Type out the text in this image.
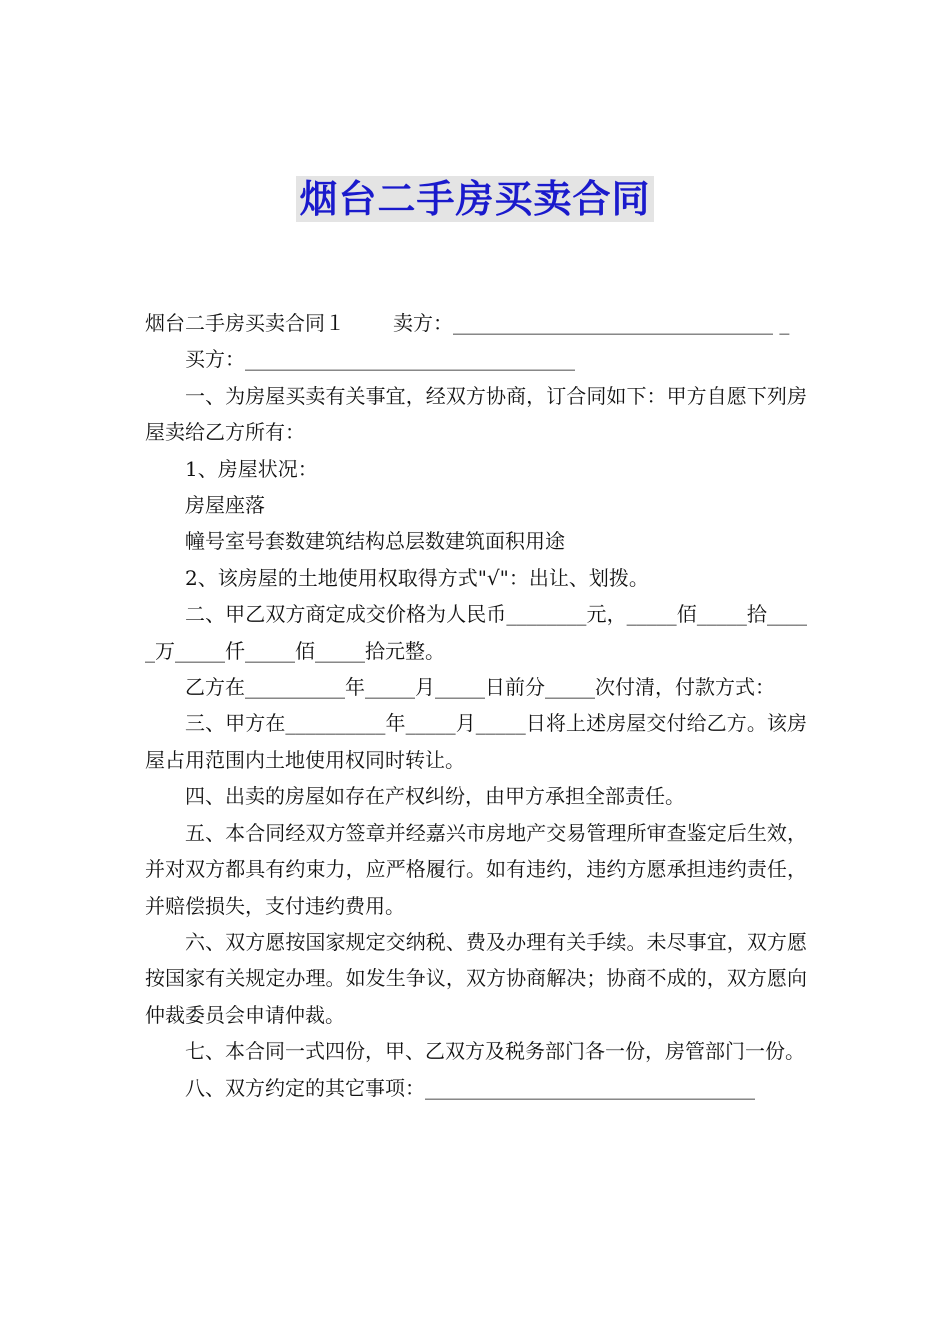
烟台二手房买卖合同

烟台二手房买卖合同１ 卖方：________________________________ _

买方：_________________________________

一、为房屋买卖有关事宜，经双方协商，订合同如下：甲方自愿下列房屋卖给乙方所有：

1、房屋状况：

房屋座落

幢号室号套数建筑结构总层数建筑面积用途

2、该房屋的土地使用权取得方式"√"：出让、划拨。

二、甲乙双方商定成交价格为人民币________元，_____佰_____拾_____万_____仟_____佰_____拾元整。

乙方在__________年_____月_____日前分_____次付清，付款方式：

三、甲方在__________年_____月_____日将上述房屋交付给乙方。该房屋占用范围内土地使用权同时转让。

四、出卖的房屋如存在产权纠纷，由甲方承担全部责任。

五、本合同经双方签章并经嘉兴市房地产交易管理所审查鉴定后生效，并对双方都具有约束力，应严格履行。如有违约，违约方愿承担违约责任，并赔偿损失，支付违约费用。

六、双方愿按国家规定交纳税、费及办理有关手续。未尽事宜，双方愿按国家有关规定办理。如发生争议，双方协商解决；协商不成的，双方愿向仲裁委员会申请仲裁。

七、本合同一式四份，甲、乙双方及税务部门各一份，房管部门一份。

八、双方约定的其它事项：_________________________________
